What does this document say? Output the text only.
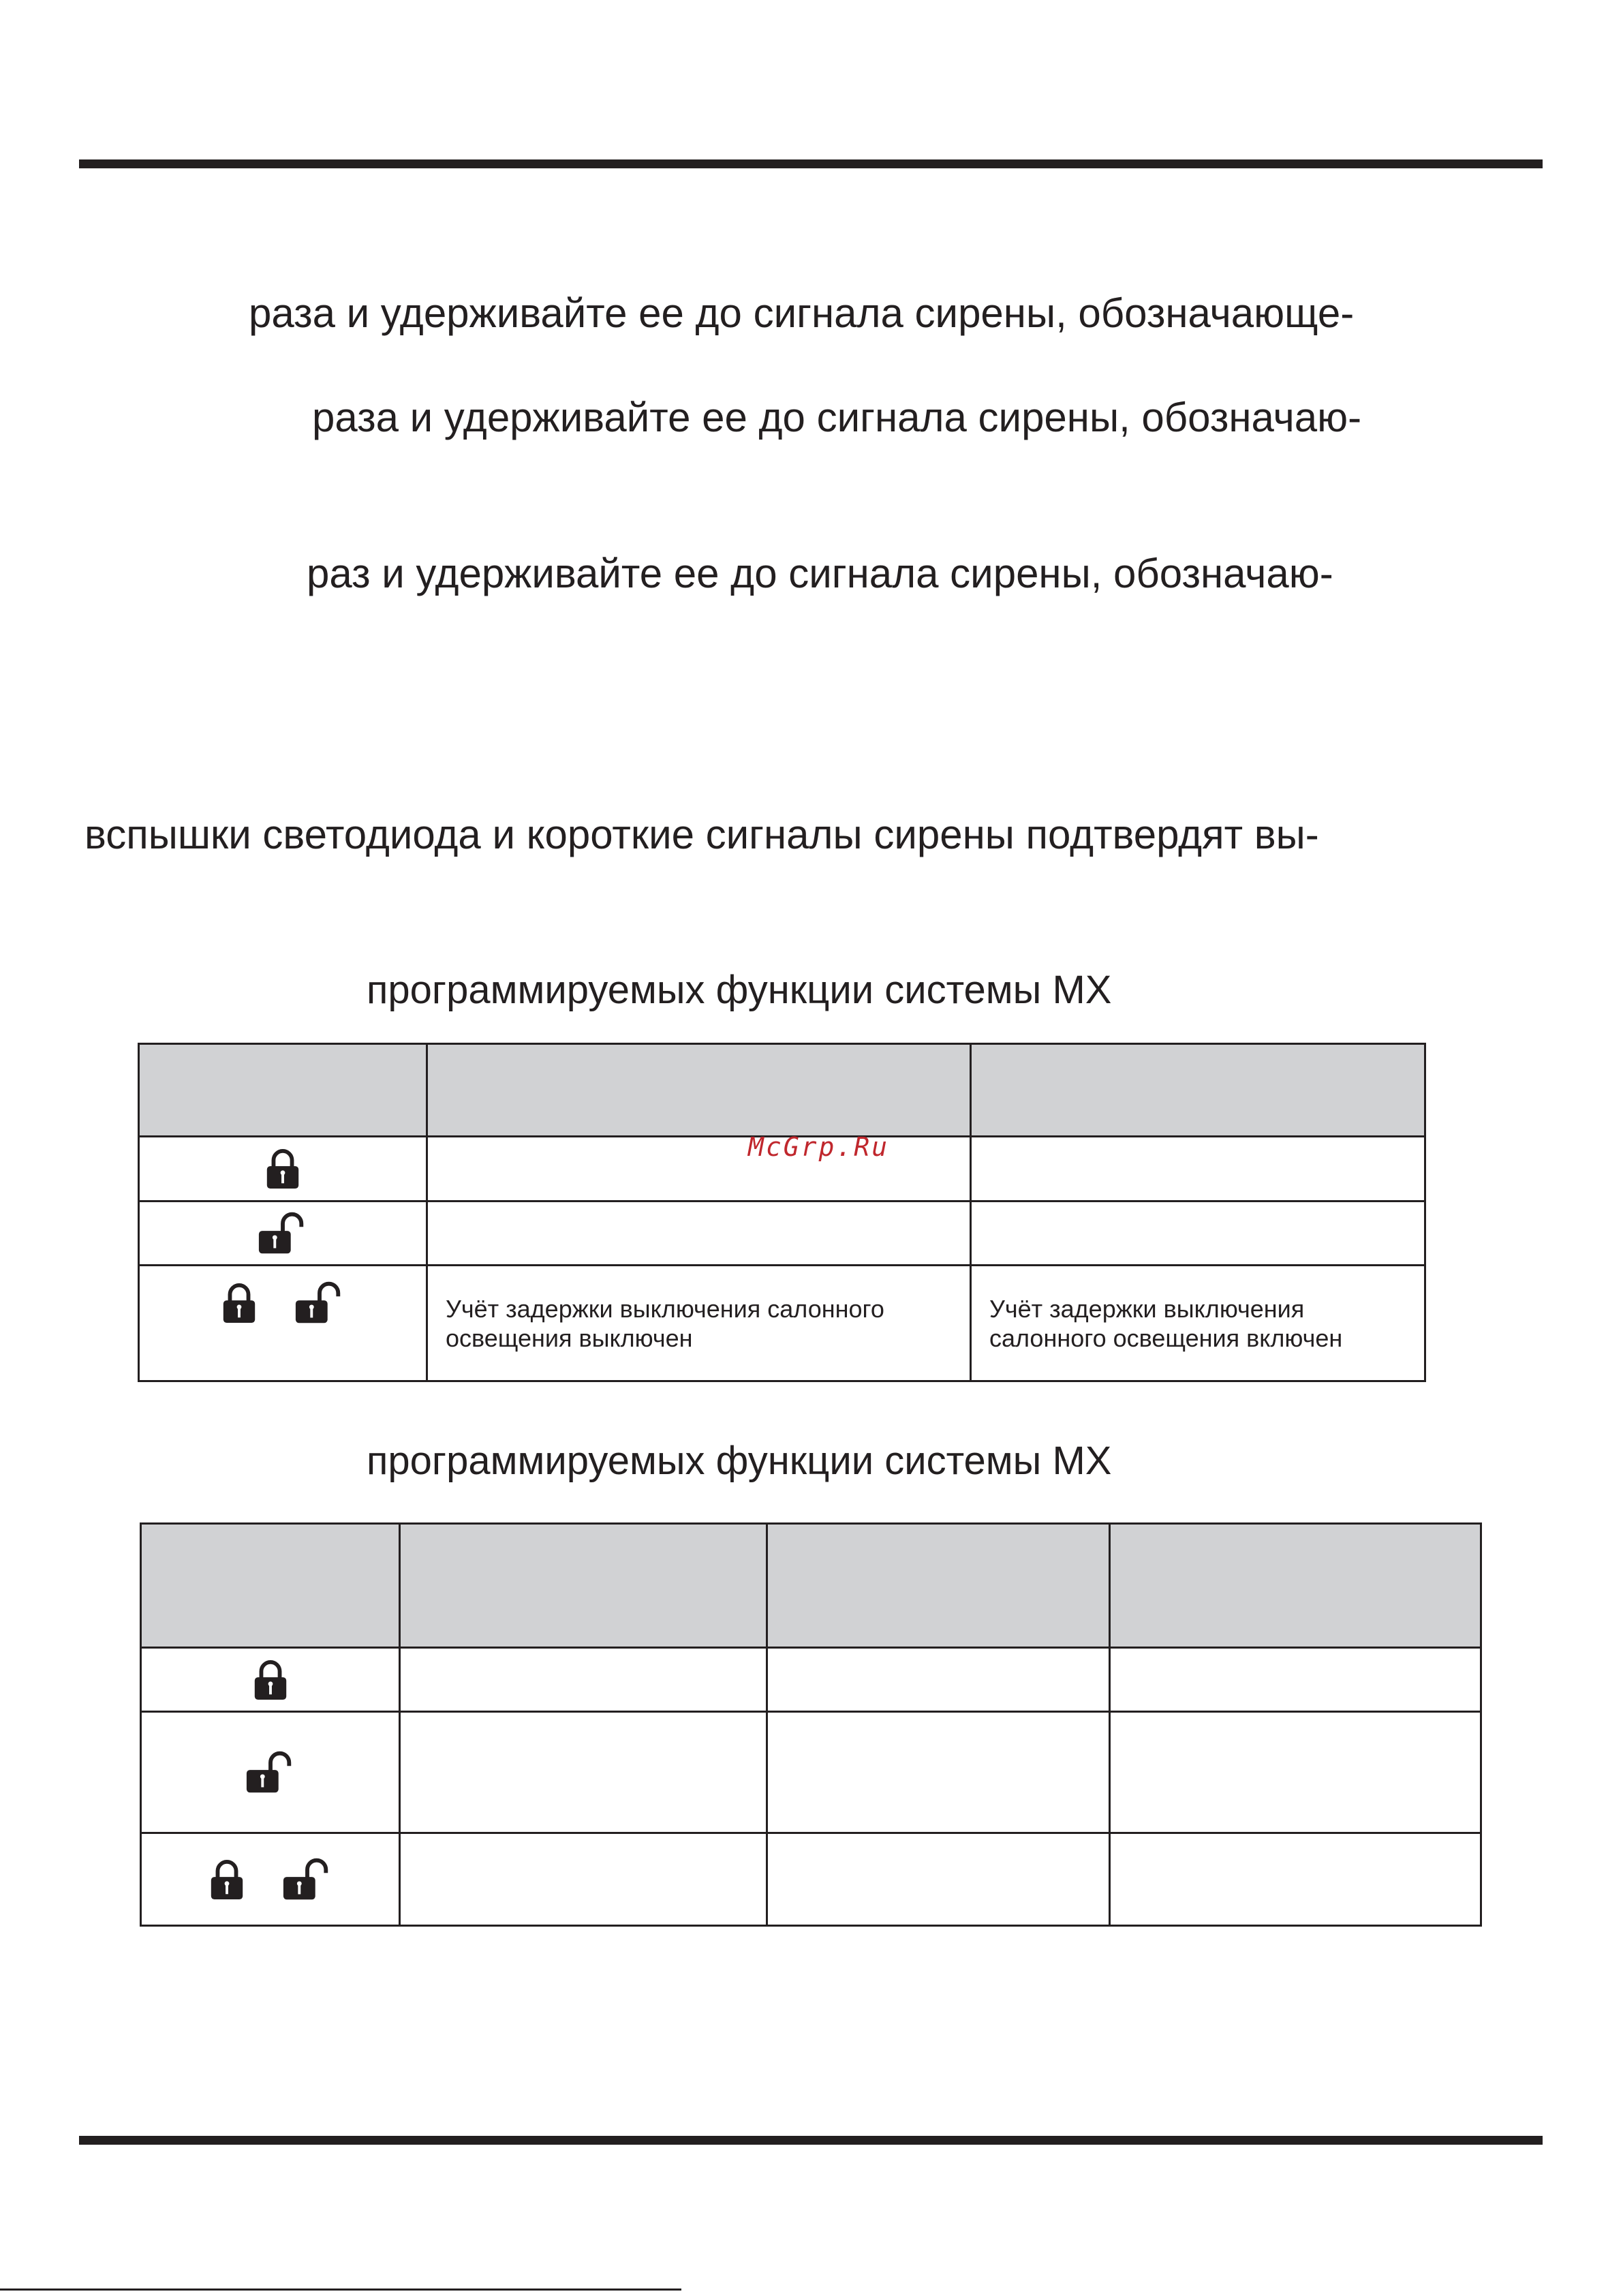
раза и удерживайте ее до сигнала сирены, обозначающе-
раза и удерживайте ее до сигнала сирены, обозначаю-
раз и удерживайте ее до сигнала сирены, обозначаю-
вспышки светодиода и короткие сигналы сирены подтвердят вы-
программируемых функции системы MX

	Учёт задержки выключения салонного освещения выключен	Учёт задержки выключения салонного освещения включен
McGrp.Ru
программируемых функции системы MX
